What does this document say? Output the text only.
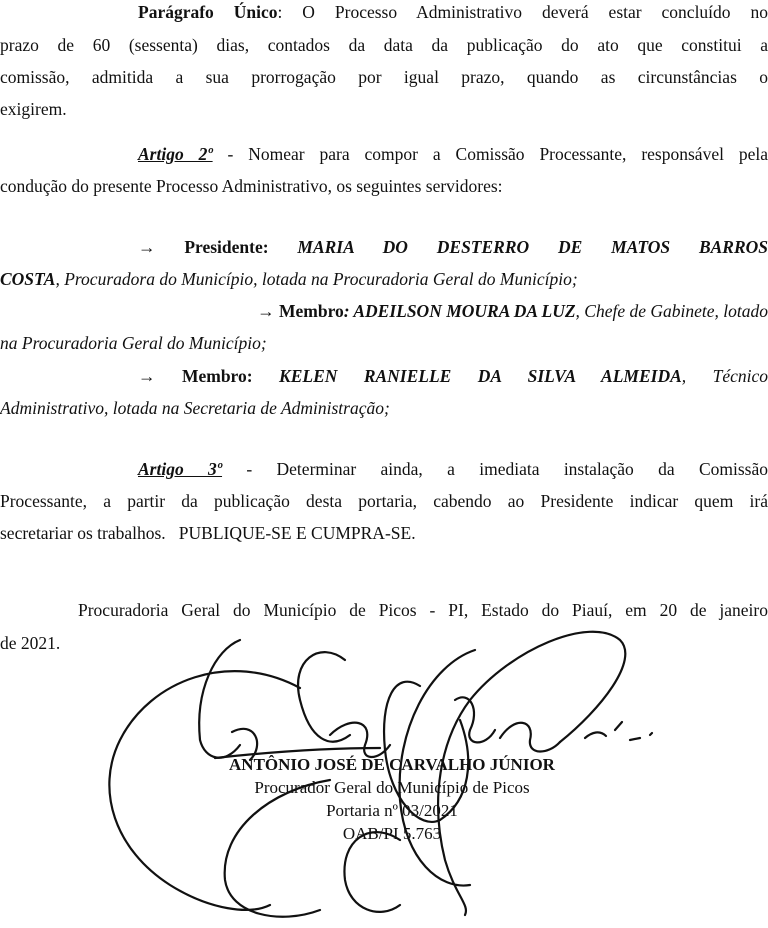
Parágrafo Único: O Processo Administrativo deverá estar concluído no
prazo de 60 (sessenta) dias, contados da data da publicação do ato que constitui a
comissão, admitida a sua prorrogação por igual prazo, quando as circunstâncias o
exigirem.
Artigo 2º - Nomear para compor a Comissão Processante, responsável pela
condução do presente Processo Administrativo, os seguintes servidores:
→ Presidente: MARIA DO DESTERRO DE MATOS BARROS
COSTA, Procuradora do Município, lotada na Procuradoria Geral do Município;
→ Membro: ADEILSON MOURA DA LUZ, Chefe de Gabinete, lotado
na Procuradoria Geral do Município;
→ Membro: KELEN RANIELLE DA SILVA ALMEIDA, Técnico
Administrativo, lotada na Secretaria de Administração;
Artigo 3º - Determinar ainda, a imediata instalação da Comissão
Processante, a partir da publicação desta portaria, cabendo ao Presidente indicar quem irá
secretariar os trabalhos.   PUBLIQUE-SE E CUMPRA-SE.
Procuradoria Geral do Município de Picos - PI, Estado do Piauí, em 20 de janeiro
de 2021.
ANTÔNIO JOSÉ DE CARVALHO JÚNIOR
Procurador Geral do Município de Picos
Portaria nº 03/2021
OAB/PI 5.763
